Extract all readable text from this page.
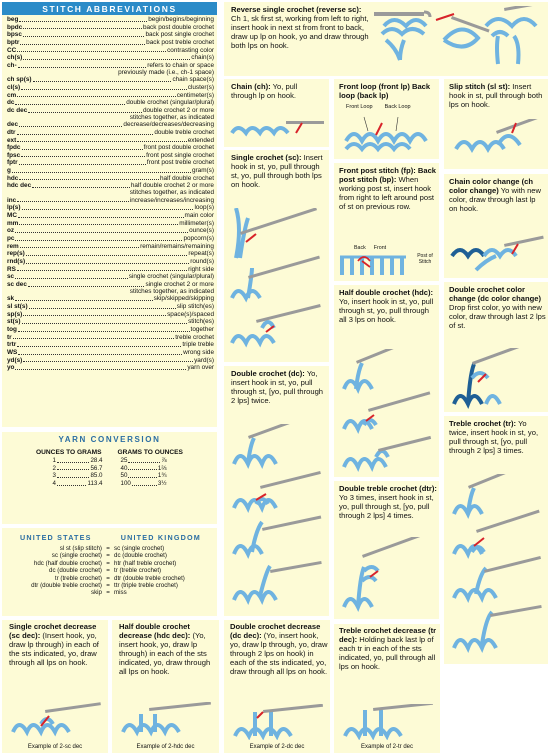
STITCH ABBREVIATIONS
beg	begin/begins/beginning
bpdc	back post double crochet
bpsc	back post single crochet
bptr	back post treble crochet
CC	contrasting color
ch(s)	chain(s)
ch-	refers to chain or space
previously made (i.e., ch-1 space)
ch sp(s)	chain space(s)
cl(s)	cluster(s)
cm	centimeter(s)
dc	double crochet (singular/plural)
dc dec	double crochet 2 or more
stitches together, as indicated
dec	decrease/decreases/decreasing
dtr	double treble crochet
ext	extended
fpdc	front post double crochet
fpsc	front post single crochet
fptr	front post treble crochet
g	gram(s)
hdc	half double crochet
hdc dec	half double crochet 2 or more
stitches together, as indicated
inc	increase/increases/increasing
lp(s)	loop(s)
MC	main color
mm	millimeter(s)
oz	ounce(s)
pc	popcorn(s)
rem	remain/remains/remaining
rep(s)	repeat(s)
rnd(s)	round(s)
RS	right side
sc	single crochet (singular/plural)
sc dec	single crochet 2 or more
stitches together, as indicated
sk	skip/skipped/skipping
sl st(s)	slip stitch(es)
sp(s)	space(s)/spaced
st(s)	stitch(es)
tog	together
tr	treble crochet
trtr	triple treble
WS	wrong side
yd(s)	yard(s)
yo	yarn over
YARN CONVERSION
OUNCES TO GRAMS GRAMS TO OUNCES
1	28.4	25	⅞
2	56.7	40	1⅔
3	85.0	50	1¾
4	113.4	100	3½
UNITED STATES	UNITED KINGDOM
sl st (slip stitch)	=	sc (single crochet)
sc (single crochet)	=	dc (double crochet)
hdc (half double crochet)	=	htr (half treble crochet)
dc (double crochet)	=	tr (treble crochet)
tr (treble crochet)	=	dtr (double treble crochet)
dtr (double treble crochet)	=	ttr (triple treble crochet)
skip	=	miss
Reverse single crochet (reverse sc): Ch 1, sk first st, working from left to right, insert hook in next st from front to back, draw up lp on hook, yo and draw through both lps on hook.
Chain (ch): Yo, pull through lp on hook.
Front loop (front lp) Back loop (back lp)
Front Loop Back Loop
Slip stitch (sl st): Insert hook in st, pull through both lps on hook.
Single crochet (sc): Insert hook in st, yo, pull through st, yo, pull through both lps on hook.
Front post stitch (fp): Back post stitch (bp): When working post st, insert hook from right to left around post of st on previous row.
Back Front
Post of Stitch
Chain color change (ch color change) Yo with new color, draw through last lp on hook.
Half double crochet (hdc): Yo, insert hook in st, yo, pull through st, yo, pull through all 3 lps on hook.
Double crochet color change (dc color change) Drop first color, yo with new color, draw through last 2 lps of st.
Double crochet (dc): Yo, insert hook in st, yo, pull through st, [yo, pull through 2 lps] twice.
Treble crochet (tr): Yo twice, insert hook in st, yo, pull through st, [yo, pull through 2 lps] 3 times.
Double treble crochet (dtr): Yo 3 times, insert hook in st, yo, pull through st, [yo, pull through 2 lps] 4 times.
Single crochet decrease (sc dec): (Insert hook, yo, draw lp through) in each of the sts indicated, yo, draw through all lps on hook.
Example of 2-sc dec
Half double crochet decrease (hdc dec): (Yo, insert hook, yo, draw lp through) in each of the sts indicated, yo, draw through all lps on hook.
Example of 2-hdc dec
Double crochet decrease (dc dec): (Yo, insert hook, yo, draw lp through, yo, draw through 2 lps on hook) in each of the sts indicated, yo, draw through all lps on hook.
Example of 2-dc dec
Treble crochet decrease (tr dec): Holding back last lp of each tr in each of the sts indicated, yo, pull through all lps on hook.
Example of 2-tr dec
